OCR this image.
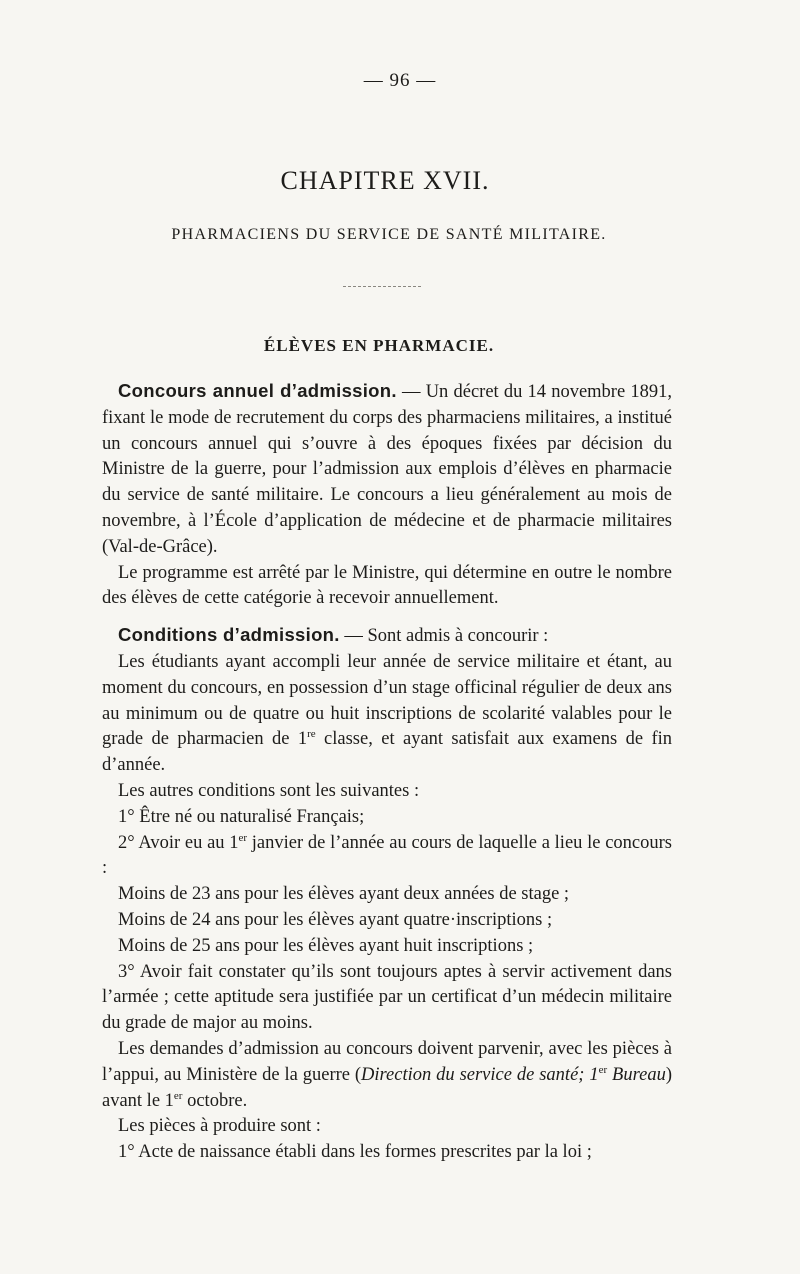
— 96 —
CHAPITRE XVII.
PHARMACIENS DU SERVICE DE SANTÉ MILITAIRE.
ÉLÈVES EN PHARMACIE.

Concours annuel d’admission. — Un décret du 14 novembre 1891, fixant le mode de recrutement du corps des pharmaciens militaires, a institué un concours annuel qui s’ouvre à des époques fixées par décision du Ministre de la guerre, pour l’admission aux emplois d’élèves en pharmacie du service de santé militaire. Le concours a lieu généralement au mois de novembre, à l’École d’application de médecine et de pharmacie militaires (Val-de-Grâce).

Le programme est arrêté par le Ministre, qui détermine en outre le nombre des élèves de cette catégorie à recevoir annuellement.

Conditions d’admission. — Sont admis à concourir :

Les étudiants ayant accompli leur année de service militaire et étant, au moment du concours, en possession d’un stage officinal régulier de deux ans au minimum ou de quatre ou huit inscriptions de scolarité valables pour le grade de pharmacien de 1re classe, et ayant satisfait aux examens de fin d’année.

Les autres conditions sont les suivantes :

1° Être né ou naturalisé Français;

2° Avoir eu au 1er janvier de l’année au cours de laquelle a lieu le concours :

Moins de 23 ans pour les élèves ayant deux années de stage ;

Moins de 24 ans pour les élèves ayant quatre·inscriptions ;

Moins de 25 ans pour les élèves ayant huit inscriptions ;

3° Avoir fait constater qu’ils sont toujours aptes à servir activement dans l’armée ; cette aptitude sera justifiée par un certificat d’un médecin militaire du grade de major au moins.

Les demandes d’admission au concours doivent parvenir, avec les pièces à l’appui, au Ministère de la guerre (Direction du service de santé; 1er Bureau) avant le 1er octobre.

Les pièces à produire sont :

1° Acte de naissance établi dans les formes prescrites par la loi ;
